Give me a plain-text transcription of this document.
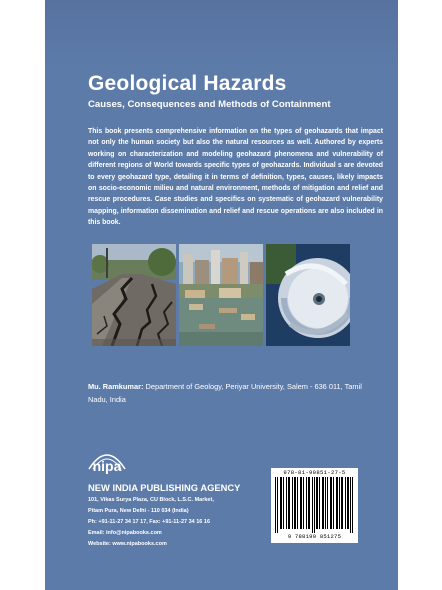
Geological Hazards
Causes, Consequences and Methods of Containment
This book presents comprehensive information on the types of geohazards that impact not only the human society but also the natural resources as well. Authored by experts working on characterization and modeling geohazard phenomena and vulnerability of different regions of World towards specific types of geohazards. Individual s are devoted to every geohazard type, detailing it in terms of definition, types, causes, likely impacts on socio-economic milieu and natural environment, methods of mitigation and relief and rescue procedures. Case studies and specifics on systematic of geohazard vulnerability mapping, information dissemination and relief and rescue operations are also included in this book.
Mu. Ramkumar: Department of Geology, Periyar University, Salem - 636 011, Tamil Nadu, India
nipa
NEW INDIA PUBLISHING AGENCY
101, Vikas Surya Plaza, CU Block, L.S.C. Market,
Pitam Pura, New Delhi - 110 034 (India)
Ph: +91-11-27 34 17 17, Fax: +91-11-27 34 16 16
Email: info@nipabooks.com
Website: www.nipabooks.com
978-81-90851-27-5
9 788190 851275
